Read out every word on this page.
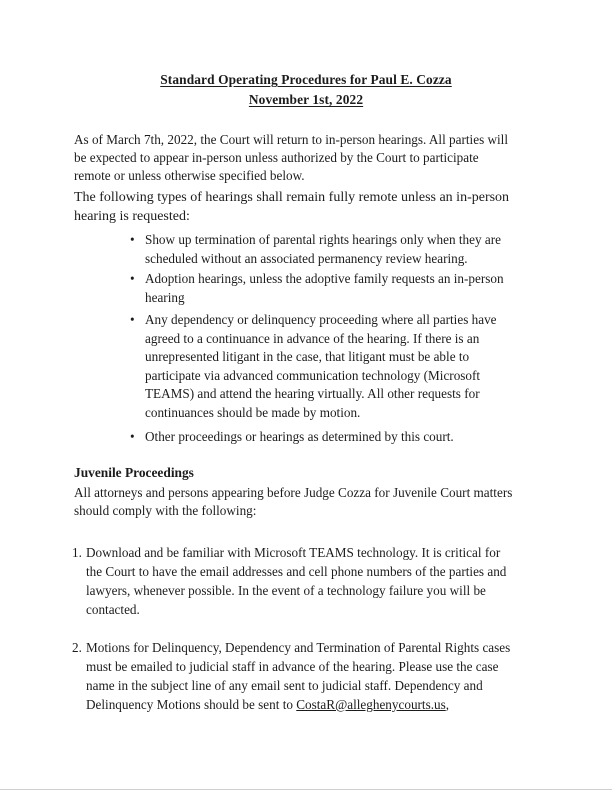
Standard Operating Procedures for Paul E. Cozza
November 1st, 2022
As of March 7th, 2022, the Court will return to in-person hearings. All parties will
be expected to appear in-person unless authorized by the Court to participate
remote or unless otherwise specified below.
The following types of hearings shall remain fully remote unless an in-person
hearing is requested:
• Show up termination of parental rights hearings only when they are
scheduled without an associated permanency review hearing.
• Adoption hearings, unless the adoptive family requests an in-person
hearing
• Any dependency or delinquency proceeding where all parties have
agreed to a continuance in advance of the hearing. If there is an
unrepresented litigant in the case, that litigant must be able to
participate via advanced communication technology (Microsoft
TEAMS) and attend the hearing virtually. All other requests for
continuances should be made by motion.
• Other proceedings or hearings as determined by this court.
Juvenile Proceedings
All attorneys and persons appearing before Judge Cozza for Juvenile Court matters
should comply with the following:
1. Download and be familiar with Microsoft TEAMS technology. It is critical for
the Court to have the email addresses and cell phone numbers of the parties and
lawyers, whenever possible. In the event of a technology failure you will be
contacted.
2. Motions for Delinquency, Dependency and Termination of Parental Rights cases
must be emailed to judicial staff in advance of the hearing. Please use the case
name in the subject line of any email sent to judicial staff. Dependency and
Delinquency Motions should be sent to CostaR@alleghenycourts.us,
